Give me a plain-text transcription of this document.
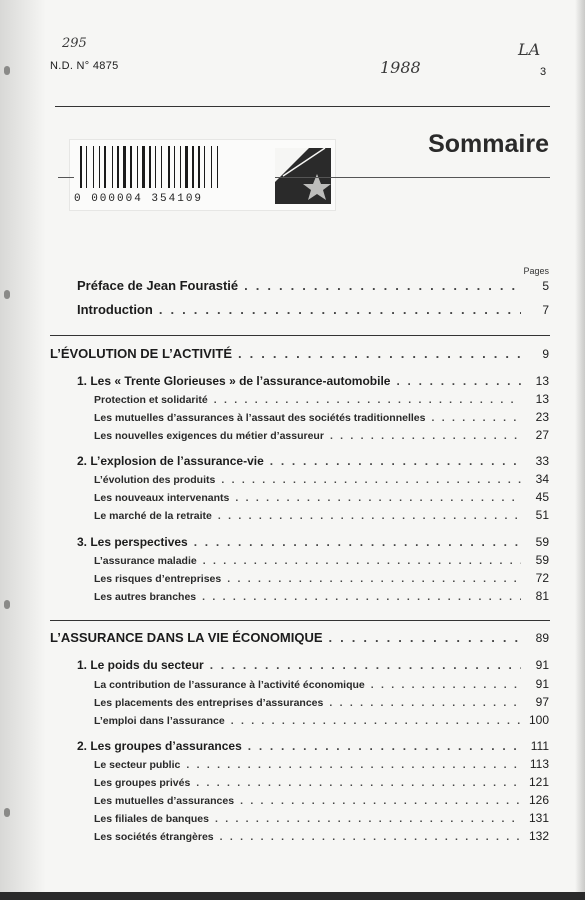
295
N.D. N° 4875	1988
LA
3
0 000004 354109
Sommaire
Pages
Préface de Jean Fourastié . . .	5
Introduction . . .	7
L’ÉVOLUTION DE L’ACTIVITÉ . . .	9
1. Les « Trente Glorieuses » de l’assurance-automobile . . .	13
Protection et solidarité . . .	13
Les mutuelles d’assurances à l’assaut des sociétés traditionnelles . . .	23
Les nouvelles exigences du métier d’assureur . . .	27
2. L’explosion de l’assurance-vie . . .	33
L’évolution des produits . . .	34
Les nouveaux intervenants . . .	45
Le marché de la retraite . . .	51
3. Les perspectives . . .	59
L’assurance maladie . . .	59
Les risques d’entreprises . . .	72
Les autres branches . . .	81
L’ASSURANCE DANS LA VIE ÉCONOMIQUE . . .	89
1. Le poids du secteur . . .	91
La contribution de l’assurance à l’activité économique . . .	91
Les placements des entreprises d’assurances . . .	97
L’emploi dans l’assurance . . .	100
2. Les groupes d’assurances . . .	111
Le secteur public . . .	113
Les groupes privés . . .	121
Les mutuelles d’assurances . . .	126
Les filiales de banques . . .	131
Les sociétés étrangères . . .	132
